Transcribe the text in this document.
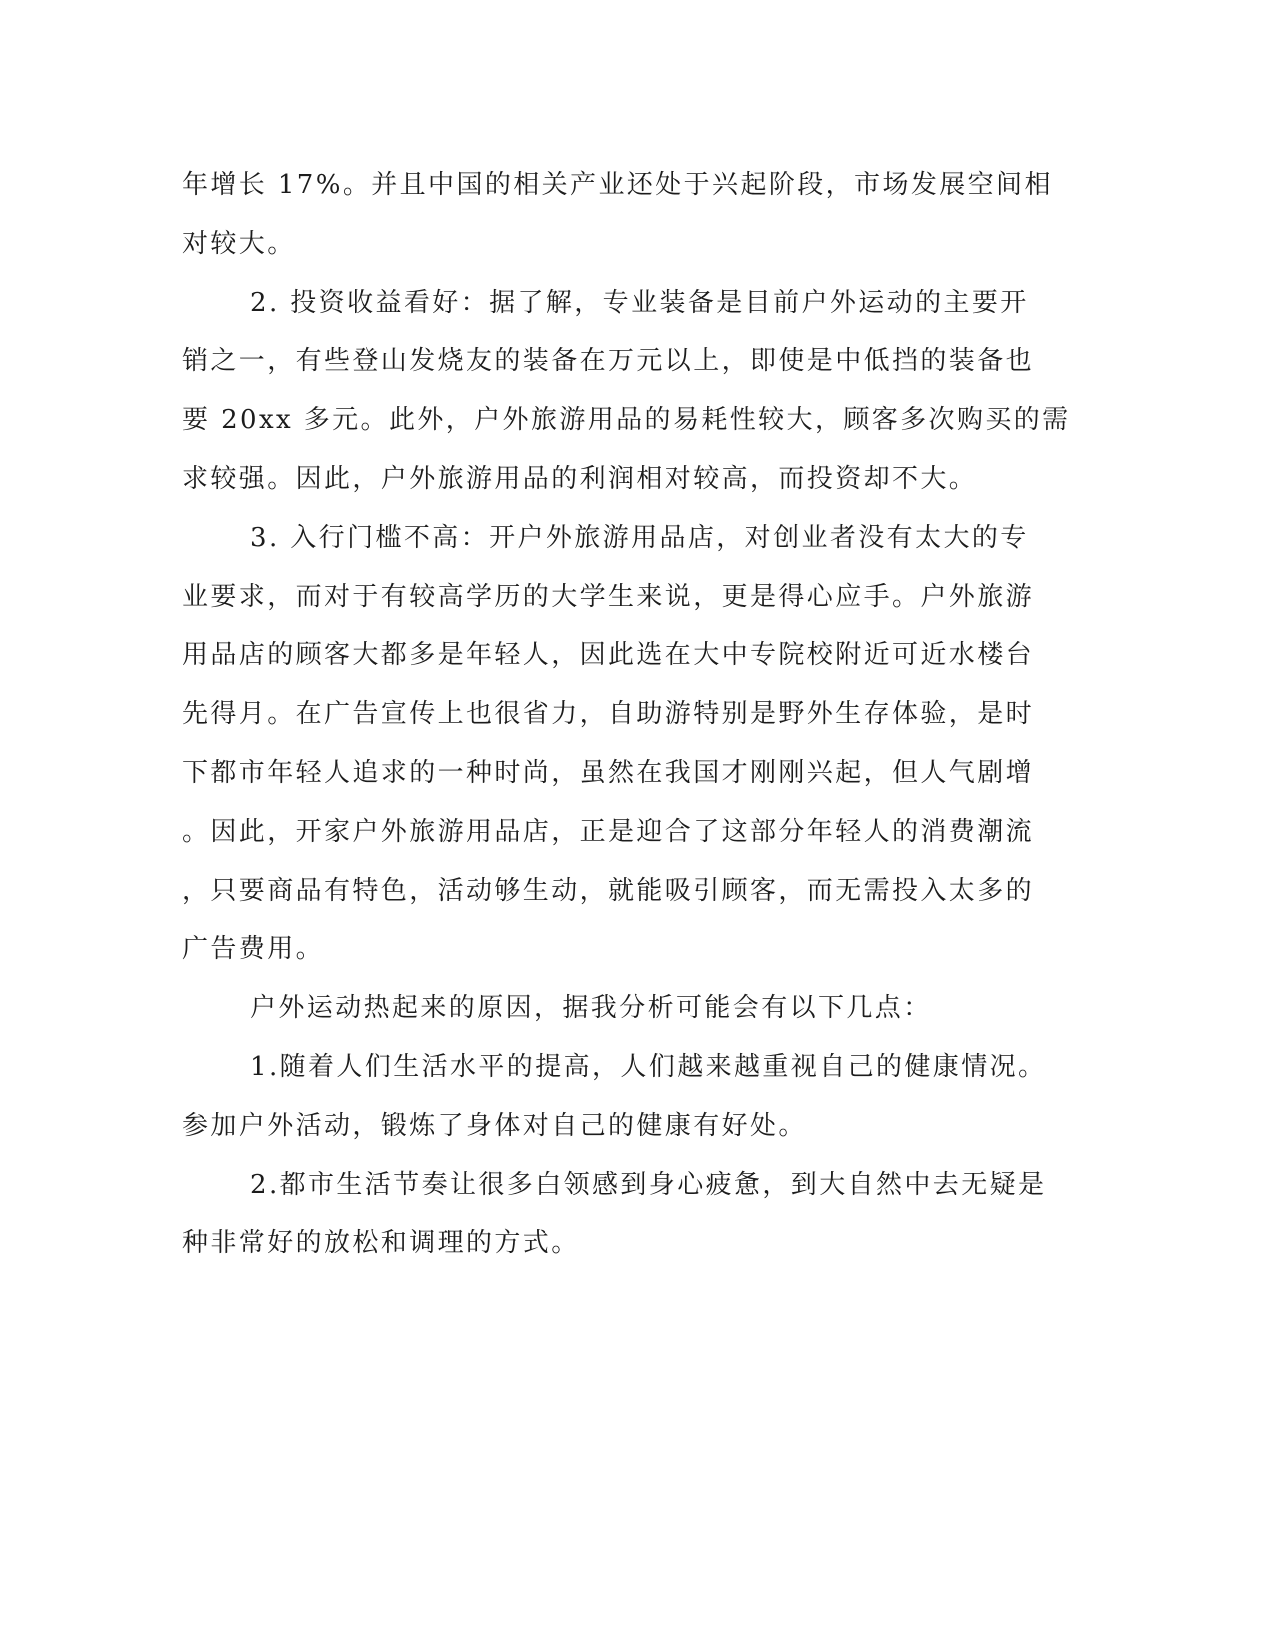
年增长 17%。并且中国的相关产业还处于兴起阶段，市场发展空间相
对较大。
2. 投资收益看好：据了解，专业装备是目前户外运动的主要开
销之一，有些登山发烧友的装备在万元以上，即使是中低挡的装备也
要 20xx 多元。此外，户外旅游用品的易耗性较大，顾客多次购买的需
求较强。因此，户外旅游用品的利润相对较高，而投资却不大。
3. 入行门槛不高：开户外旅游用品店，对创业者没有太大的专
业要求，而对于有较高学历的大学生来说，更是得心应手。户外旅游
用品店的顾客大都多是年轻人，因此选在大中专院校附近可近水楼台
先得月。在广告宣传上也很省力，自助游特别是野外生存体验，是时
下都市年轻人追求的一种时尚，虽然在我国才刚刚兴起，但人气剧增
。因此，开家户外旅游用品店，正是迎合了这部分年轻人的消费潮流
，只要商品有特色，活动够生动，就能吸引顾客，而无需投入太多的
广告费用。
户外运动热起来的原因，据我分析可能会有以下几点：
1.随着人们生活水平的提高，人们越来越重视自己的健康情况。
参加户外活动，锻炼了身体对自己的健康有好处。
2.都市生活节奏让很多白领感到身心疲惫，到大自然中去无疑是
种非常好的放松和调理的方式。
